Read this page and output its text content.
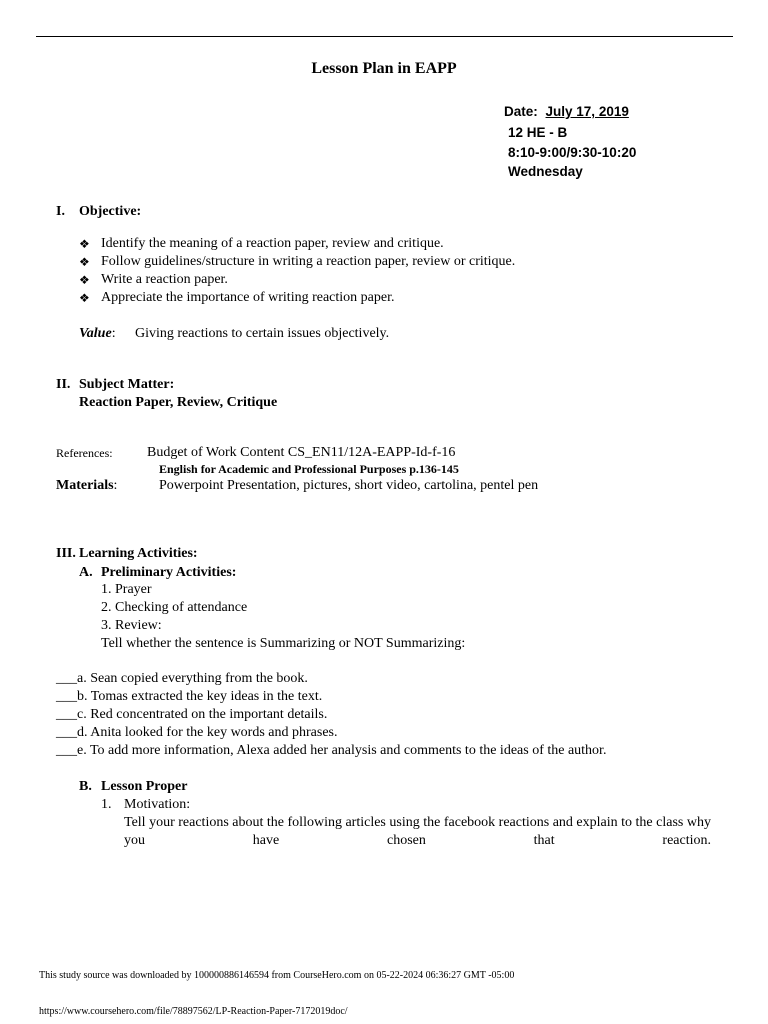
Lesson Plan in EAPP
Date: July 17, 2019
12 HE - B
8:10-9:00/9:30-10:20
Wednesday
I. Objective:
❖ Identify the meaning of a reaction paper, review and critique.
❖ Follow guidelines/structure in writing a reaction paper, review or critique.
❖ Write a reaction paper.
❖ Appreciate the importance of writing reaction paper.
Value: Giving reactions to certain issues objectively.
II. Subject Matter:
Reaction Paper, Review, Critique
References: Budget of Work Content CS_EN11/12A-EAPP-Id-f-16
English for Academic and Professional Purposes p.136-145
Materials:	Powerpoint Presentation, pictures, short video, cartolina, pentel pen
III. Learning Activities:
A. Preliminary Activities:
1. Prayer
2. Checking of attendance
3. Review:
Tell whether the sentence is Summarizing or NOT Summarizing:
___a. Sean copied everything from the book.
___b. Tomas extracted the key ideas in the text.
___c. Red concentrated on the important details.
___d. Anita looked for the key words and phrases.
___e. To add more information, Alexa added her analysis and comments to the ideas of the author.
B. Lesson Proper
1. Motivation:
Tell your reactions about the following articles using the facebook reactions and explain to the class why you have chosen that reaction.
This study source was downloaded by 100000886146594 from CourseHero.com on 05-22-2024 06:36:27 GMT -05:00
https://www.coursehero.com/file/78897562/LP-Reaction-Paper-7172019doc/
